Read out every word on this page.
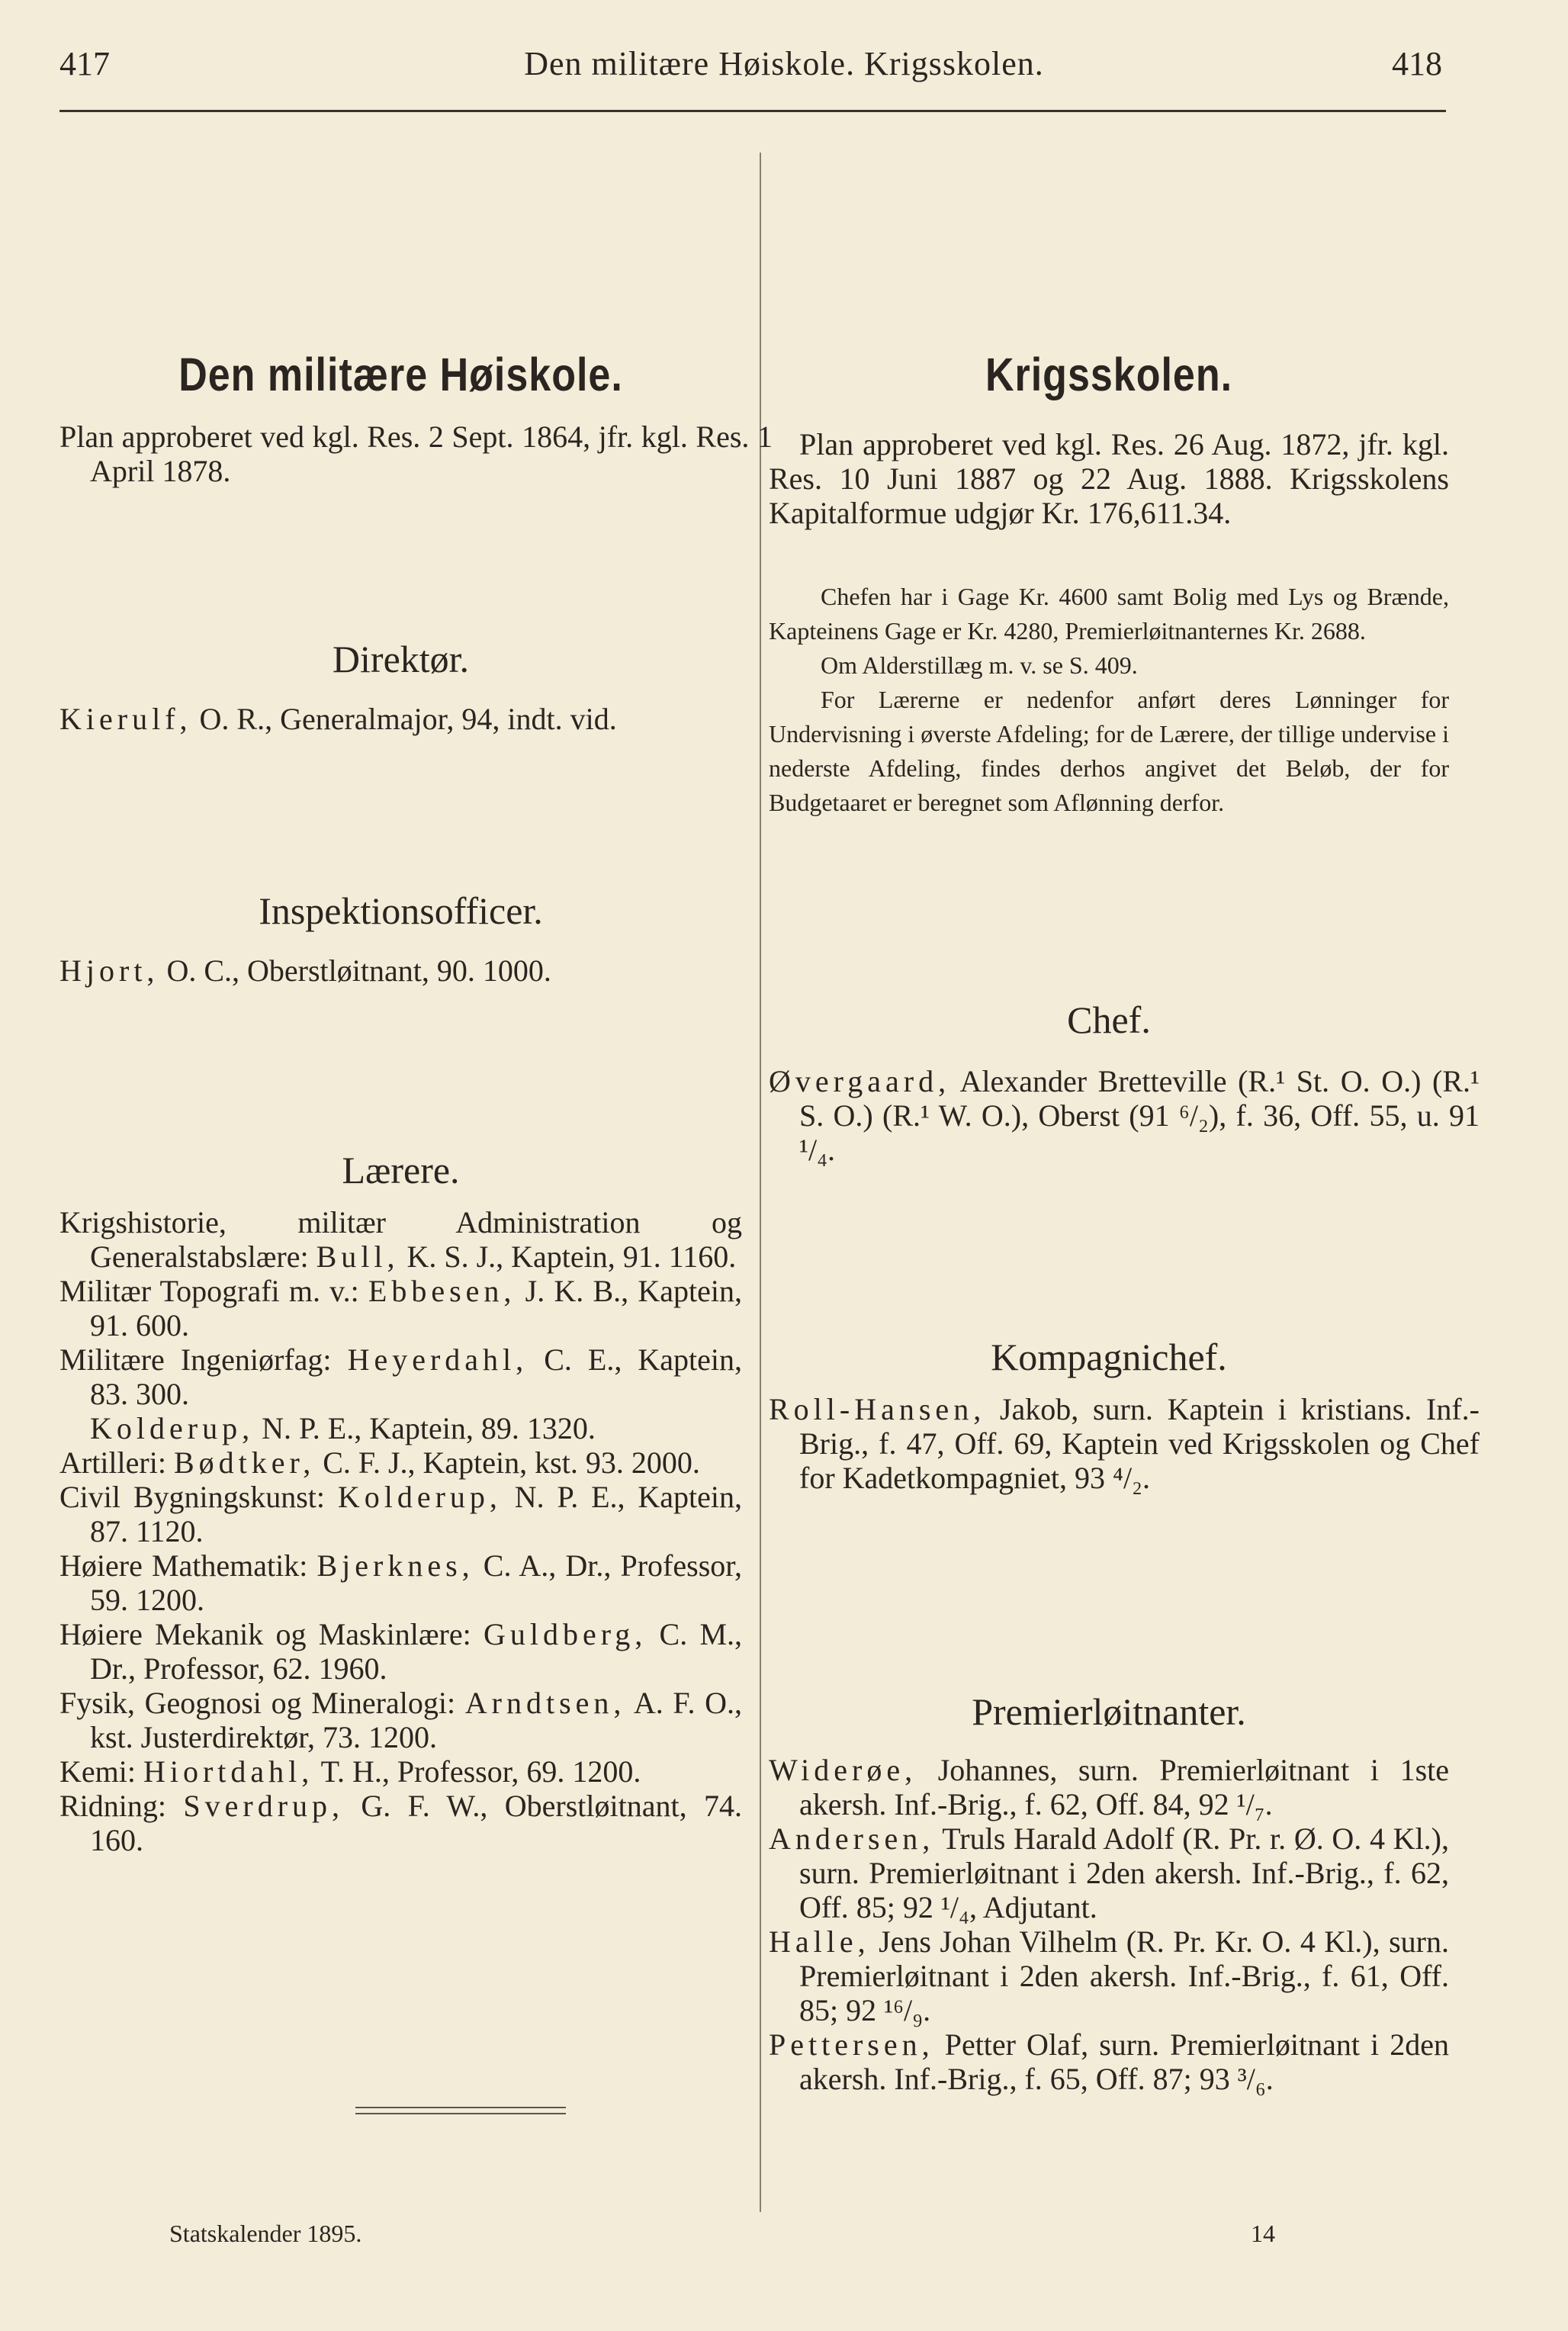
417	Den militære Høiskole. Krigsskolen.	418
Den militære Høiskole.

Plan approberet ved kgl. Res. 2 Sept. 1864, jfr. kgl. Res. 1 April 1878.

Direktør.

Kierulf, O. R., Generalmajor, 94, indt. vid.

Inspektionsofficer.

Hjort, O. C., Oberstløitnant, 90. 1000.

Lærere.

Krigshistorie, militær Administration og Generalstabslære: Bull, K. S. J., Kaptein, 91. 1160.

Militær Topografi m. v.: Ebbesen, J. K. B., Kaptein, 91. 600.

Militære Ingeniørfag: Heyerdahl, C. E., Kaptein, 83. 300.

Kolderup, N. P. E., Kaptein, 89. 1320.

Artilleri: Bødtker, C. F. J., Kaptein, kst. 93. 2000.

Civil Bygningskunst: Kolderup, N. P. E., Kaptein, 87. 1120.

Høiere Mathematik: Bjerknes, C. A., Dr., Professor, 59. 1200.

Høiere Mekanik og Maskinlære: Guldberg, C. M., Dr., Professor, 62. 1960.

Fysik, Geognosi og Mineralogi: Arndtsen, A. F. O., kst. Justerdirektør, 73. 1200.

Kemi: Hiortdahl, T. H., Professor, 69. 1200.

Ridning: Sverdrup, G. F. W., Oberstløitnant, 74. 160.

Krigsskolen.

Plan approberet ved kgl. Res. 26 Aug. 1872, jfr. kgl. Res. 10 Juni 1887 og 22 Aug. 1888. Krigsskolens Kapitalformue udgjør Kr. 176,611.34.

Chefen har i Gage Kr. 4600 samt Bolig med Lys og Brænde, Kapteinens Gage er Kr. 4280, Premierløitnanternes Kr. 2688.

Om Alderstillæg m. v. se S. 409.

For Lærerne er nedenfor anført deres Lønninger for Undervisning i øverste Afdeling; for de Lærere, der tillige undervise i nederste Afdeling, findes derhos angivet det Beløb, der for Budgetaaret er beregnet som Aflønning derfor.

Chef.

Øvergaard, Alexander Bretteville (R.¹ St. O. O.) (R.¹ S. O.) (R.¹ W. O.), Oberst (91 ⁶/₂), f. 36, Off. 55, u. 91 ¹/₄.

Kompagnichef.

Roll-Hansen, Jakob, surn. Kaptein i kristians. Inf.-Brig., f. 47, Off. 69, Kaptein ved Krigsskolen og Chef for Kadetkompagniet, 93 ⁴/₂.

Premierløitnanter.

Widerøe, Johannes, surn. Premierløitnant i 1ste akersh. Inf.-Brig., f. 62, Off. 84, 92 ¹/₇.

Andersen, Truls Harald Adolf (R. Pr. r. Ø. O. 4 Kl.), surn. Premierløitnant i 2den akersh. Inf.-Brig., f. 62, Off. 85; 92 ¹/₄, Adjutant.

Halle, Jens Johan Vilhelm (R. Pr. Kr. O. 4 Kl.), surn. Premierløitnant i 2den akersh. Inf.-Brig., f. 61, Off. 85; 92 ¹⁶/₉.

Pettersen, Petter Olaf, surn. Premierløitnant i 2den akersh. Inf.-Brig., f. 65, Off. 87; 93 ³/₆.

Statskalender 1895.	14
